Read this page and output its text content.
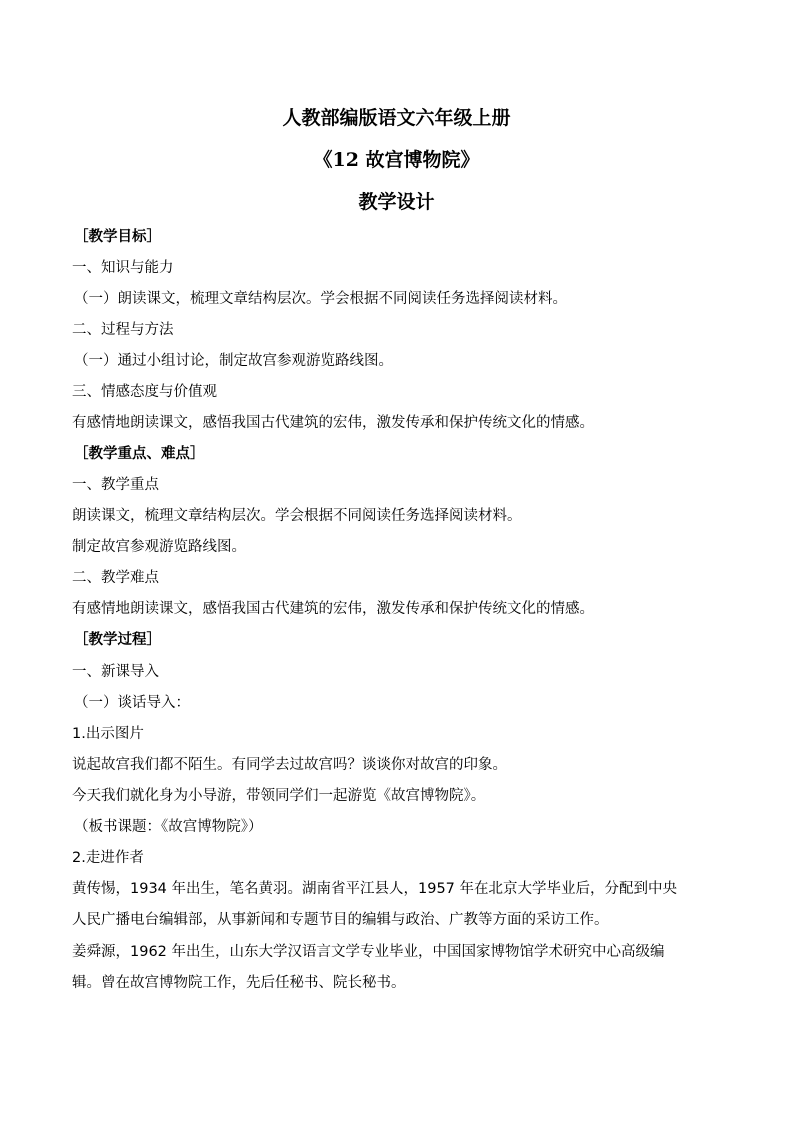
人教部编版语文六年级上册
《12 故宫博物院》
教学设计
［教学目标］
一、知识与能力
（一）朗读课文，梳理文章结构层次。学会根据不同阅读任务选择阅读材料。
二、过程与方法
（一）通过小组讨论，制定故宫参观游览路线图。
三、情感态度与价值观
有感情地朗读课文，感悟我国古代建筑的宏伟，激发传承和保护传统文化的情感。
［教学重点、难点］
一、教学重点
朗读课文，梳理文章结构层次。学会根据不同阅读任务选择阅读材料。
制定故宫参观游览路线图。
二、教学难点
有感情地朗读课文，感悟我国古代建筑的宏伟，激发传承和保护传统文化的情感。
［教学过程］
一、新课导入
（一）谈话导入：
1.出示图片
说起故宫我们都不陌生。有同学去过故宫吗？谈谈你对故宫的印象。
今天我们就化身为小导游，带领同学们一起游览《故宫博物院》。
（板书课题：《故宫博物院》）
2.走进作者
黄传惕，1934 年出生，笔名黄羽。湖南省平江县人，1957 年在北京大学毕业后，分配到中央
人民广播电台编辑部，从事新闻和专题节目的编辑与政治、广教等方面的采访工作。
姜舜源，1962 年出生，山东大学汉语言文学专业毕业，中国国家博物馆学术研究中心高级编
辑。曾在故宫博物院工作，先后任秘书、院长秘书。
